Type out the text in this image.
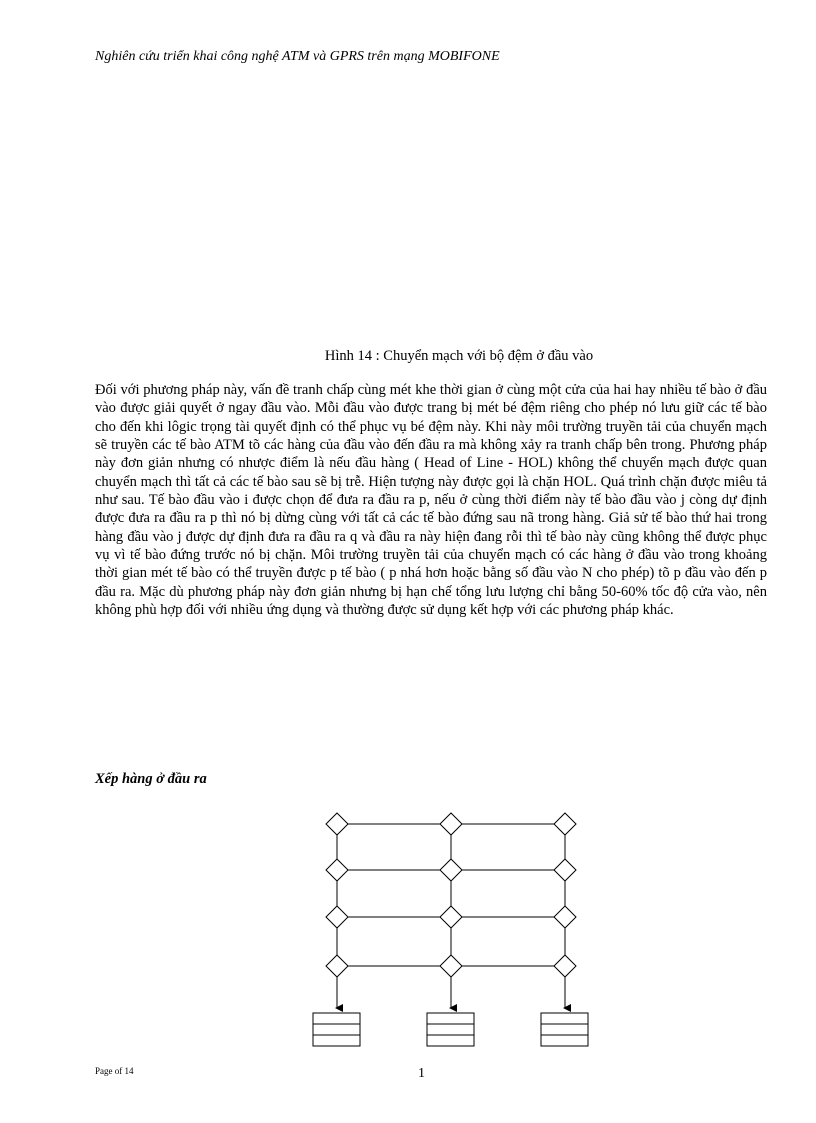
Nghiên cứu triển khai công nghệ ATM và GPRS trên mạng MOBIFONE
Hình 14 : Chuyển mạch với bộ đệm ở đầu vào

Đối với phương pháp này, vấn đề tranh chấp cùng mét khe thời gian ở cùng một cửa của hai hay nhiều tế bào ở đầu vào được giải quyết ở ngay đầu vào. Mỗi đầu vào được trang bị mét bé đệm riêng cho phép nó lưu giữ các tế bào cho đến khi lôgic trọng tài quyết định có thể phục vụ bé đệm này. Khi này môi trường truyền tải của chuyển mạch sẽ truyền các tế bào ATM tõ các hàng của đầu vào đến đầu ra mà không xảy ra tranh chấp bên trong. Phương pháp này đơn giản nhưng có nhược điểm là nếu đầu hàng ( Head of Line - HOL) không thể chuyển mạch được quan chuyển mạch thì tất cả các tế bào sau sẽ bị trễ. Hiện tượng này được gọi là chặn HOL. Quá trình chặn được miêu tả như sau. Tế bào đầu vào i được chọn để đưa ra đầu ra p, nếu ở cùng thời điểm này tế bào đầu vào j còng dự định được đưa ra đầu ra p thì nó bị dừng cùng với tất cả các tế bào đứng sau nã trong hàng. Giả sử tế bào thứ hai trong hàng đầu vào j được dự định đưa ra đầu ra q và đầu ra này hiện đang rỗi thì tế bào này cũng không thể được phục vụ vì tế bào đứng trước nó bị chặn. Môi trường truyền tải của chuyển mạch có các hàng ở đầu vào trong khoảng thời gian mét tế bào có thể truyền được p tế bào ( p nhá hơn hoặc bằng số đầu vào N cho phép) tõ p đầu vào đến p đầu ra. Mặc dù phương pháp này đơn giản nhưng bị hạn chế tổng lưu lượng chỉ bằng 50-60% tốc độ cửa vào, nên không phù hợp đối với nhiều ứng dụng và thường được sử dụng kết hợp với các phương pháp khác.

Xếp hàng ở đầu ra
Page of 14	1
